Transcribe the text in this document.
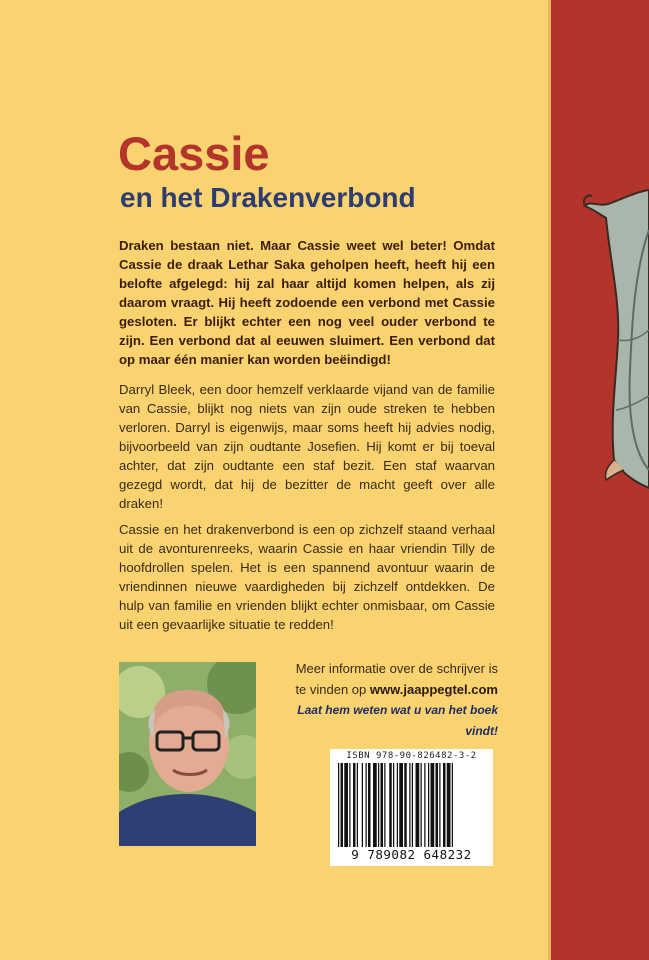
Cassie
en het Drakenverbond

Draken bestaan niet. Maar Cassie weet wel beter! Omdat Cassie de draak Lethar Saka geholpen heeft, heeft hij een belofte afgelegd: hij zal haar altijd komen helpen, als zij daarom vraagt. Hij heeft zodoende een verbond met Cassie gesloten. Er blijkt echter een nog veel ouder verbond te zijn. Een verbond dat al eeuwen sluimert. Een verbond dat op maar één manier kan worden beëindigd!

Darryl Bleek, een door hemzelf verklaarde vijand van de familie van Cassie, blijkt nog niets van zijn oude streken te hebben verloren. Darryl is eigenwijs, maar soms heeft hij advies nodig, bijvoorbeeld van zijn oudtante Josefien. Hij komt er bij toeval achter, dat zijn oudtante een staf bezit. Een staf waarvan gezegd wordt, dat hij de bezitter de macht geeft over alle draken!

Cassie en het drakenverbond is een op zichzelf staand verhaal uit de avonturenreeks, waarin Cassie en haar vriendin Tilly de hoofdrollen spelen. Het is een spannend avontuur waarin de vriendinnen nieuwe vaardigheden bij zichzelf ontdekken. De hulp van familie en vrienden blijkt echter onmisbaar, om Cassie uit een gevaarlijke situatie te redden!

Meer informatie over de schrijver is
te vinden op www.jaappegtel.com
Laat hem weten wat u van het boek vindt!
ISBN 978-90-826482-3-2
9 789082 648232
